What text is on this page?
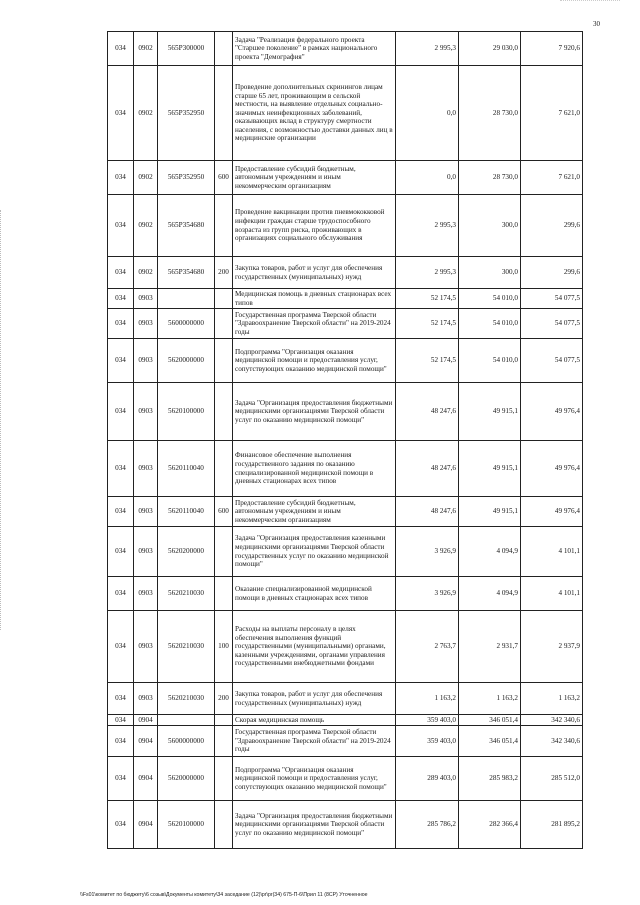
30
034	0902	565P300000		Задача "Реализация федерального проекта "Старшее поколение" в рамках национального проекта "Демография"	2 995,3	29 030,0	7 920,6
034	0902	565P352950		Проведение дополнительных скринингов лицам старше 65 лет, проживающим в сельской местности, на выявление отдельных социально-значимых неинфекционных заболеваний, оказывающих вклад в структуру смертности населения, с возможностью доставки данных лиц в медицинские организации	0,0	28 730,0	7 621,0
034	0902	565P352950	600	Предоставление субсидий бюджетным, автономным учреждениям и иным некоммерческим организациям	0,0	28 730,0	7 621,0
034	0902	565P354680		Проведение вакцинации против пневмококковой инфекции граждан старше трудоспособного возраста из групп риска, проживающих в организациях социального обслуживания	2 995,3	300,0	299,6
034	0902	565P354680	200	Закупка товаров, работ и услуг для обеспечения государственных (муниципальных) нужд	2 995,3	300,0	299,6
034	0903			Медицинская помощь в дневных стационарах всех типов	52 174,5	54 010,0	54 077,5
034	0903	5600000000		Государственная программа Тверской области "Здравоохранение Тверской области" на 2019-2024 годы	52 174,5	54 010,0	54 077,5
034	0903	5620000000		Подпрограмма "Организация оказания медицинской помощи и предоставления услуг, сопутствующих оказанию медицинской помощи"	52 174,5	54 010,0	54 077,5
034	0903	5620100000		Задача "Организация предоставления бюджетными медицинскими организациями Тверской области услуг по оказанию медицинской помощи"	48 247,6	49 915,1	49 976,4
034	0903	5620110040		Финансовое обеспечение выполнения государственного задания по оказанию специализированной медицинской помощи в дневных стационарах всех типов	48 247,6	49 915,1	49 976,4
034	0903	5620110040	600	Предоставление субсидий бюджетным, автономным учреждениям и иным некоммерческим организациям	48 247,6	49 915,1	49 976,4
034	0903	5620200000		Задача "Организация предоставления казенными медицинскими организациями Тверской области государственных услуг по оказанию медицинской помощи"	3 926,9	4 094,9	4 101,1
034	0903	5620210030		Оказание специализированной медицинской помощи в дневных стационарах всех типов	3 926,9	4 094,9	4 101,1
034	0903	5620210030	100	Расходы на выплаты персоналу в целях обеспечения выполнения функций государственными (муниципальными) органами, казенными учреждениями, органами управления государственными внебюджетными фондами	2 763,7	2 931,7	2 937,9
034	0903	5620210030	200	Закупка товаров, работ и услуг для обеспечения государственных (муниципальных) нужд	1 163,2	1 163,2	1 163,2
034	0904			Скорая медицинская помощь	359 403,0	346 051,4	342 340,6
034	0904	5600000000		Государственная программа Тверской области "Здравоохранение Тверской области" на 2019-2024 годы	359 403,0	346 051,4	342 340,6
034	0904	5620000000		Подпрограмма "Организация оказания медицинской помощи и предоставления услуг, сопутствующих оказанию медицинской помощи"	289 403,0	285 983,2	285 512,0
034	0904	5620100000		Задача "Организация предоставления бюджетными медицинскими организациями Тверской области услуг по оказанию медицинской помощи"	285 786,2	282 366,4	281 895,2
\\Fs01\комитет по бюджету\6 созыв\Документы комитету\34 заседание (12)\pr\pr(34) 675-П-6\Прил 11 (8СР) Уточненное
